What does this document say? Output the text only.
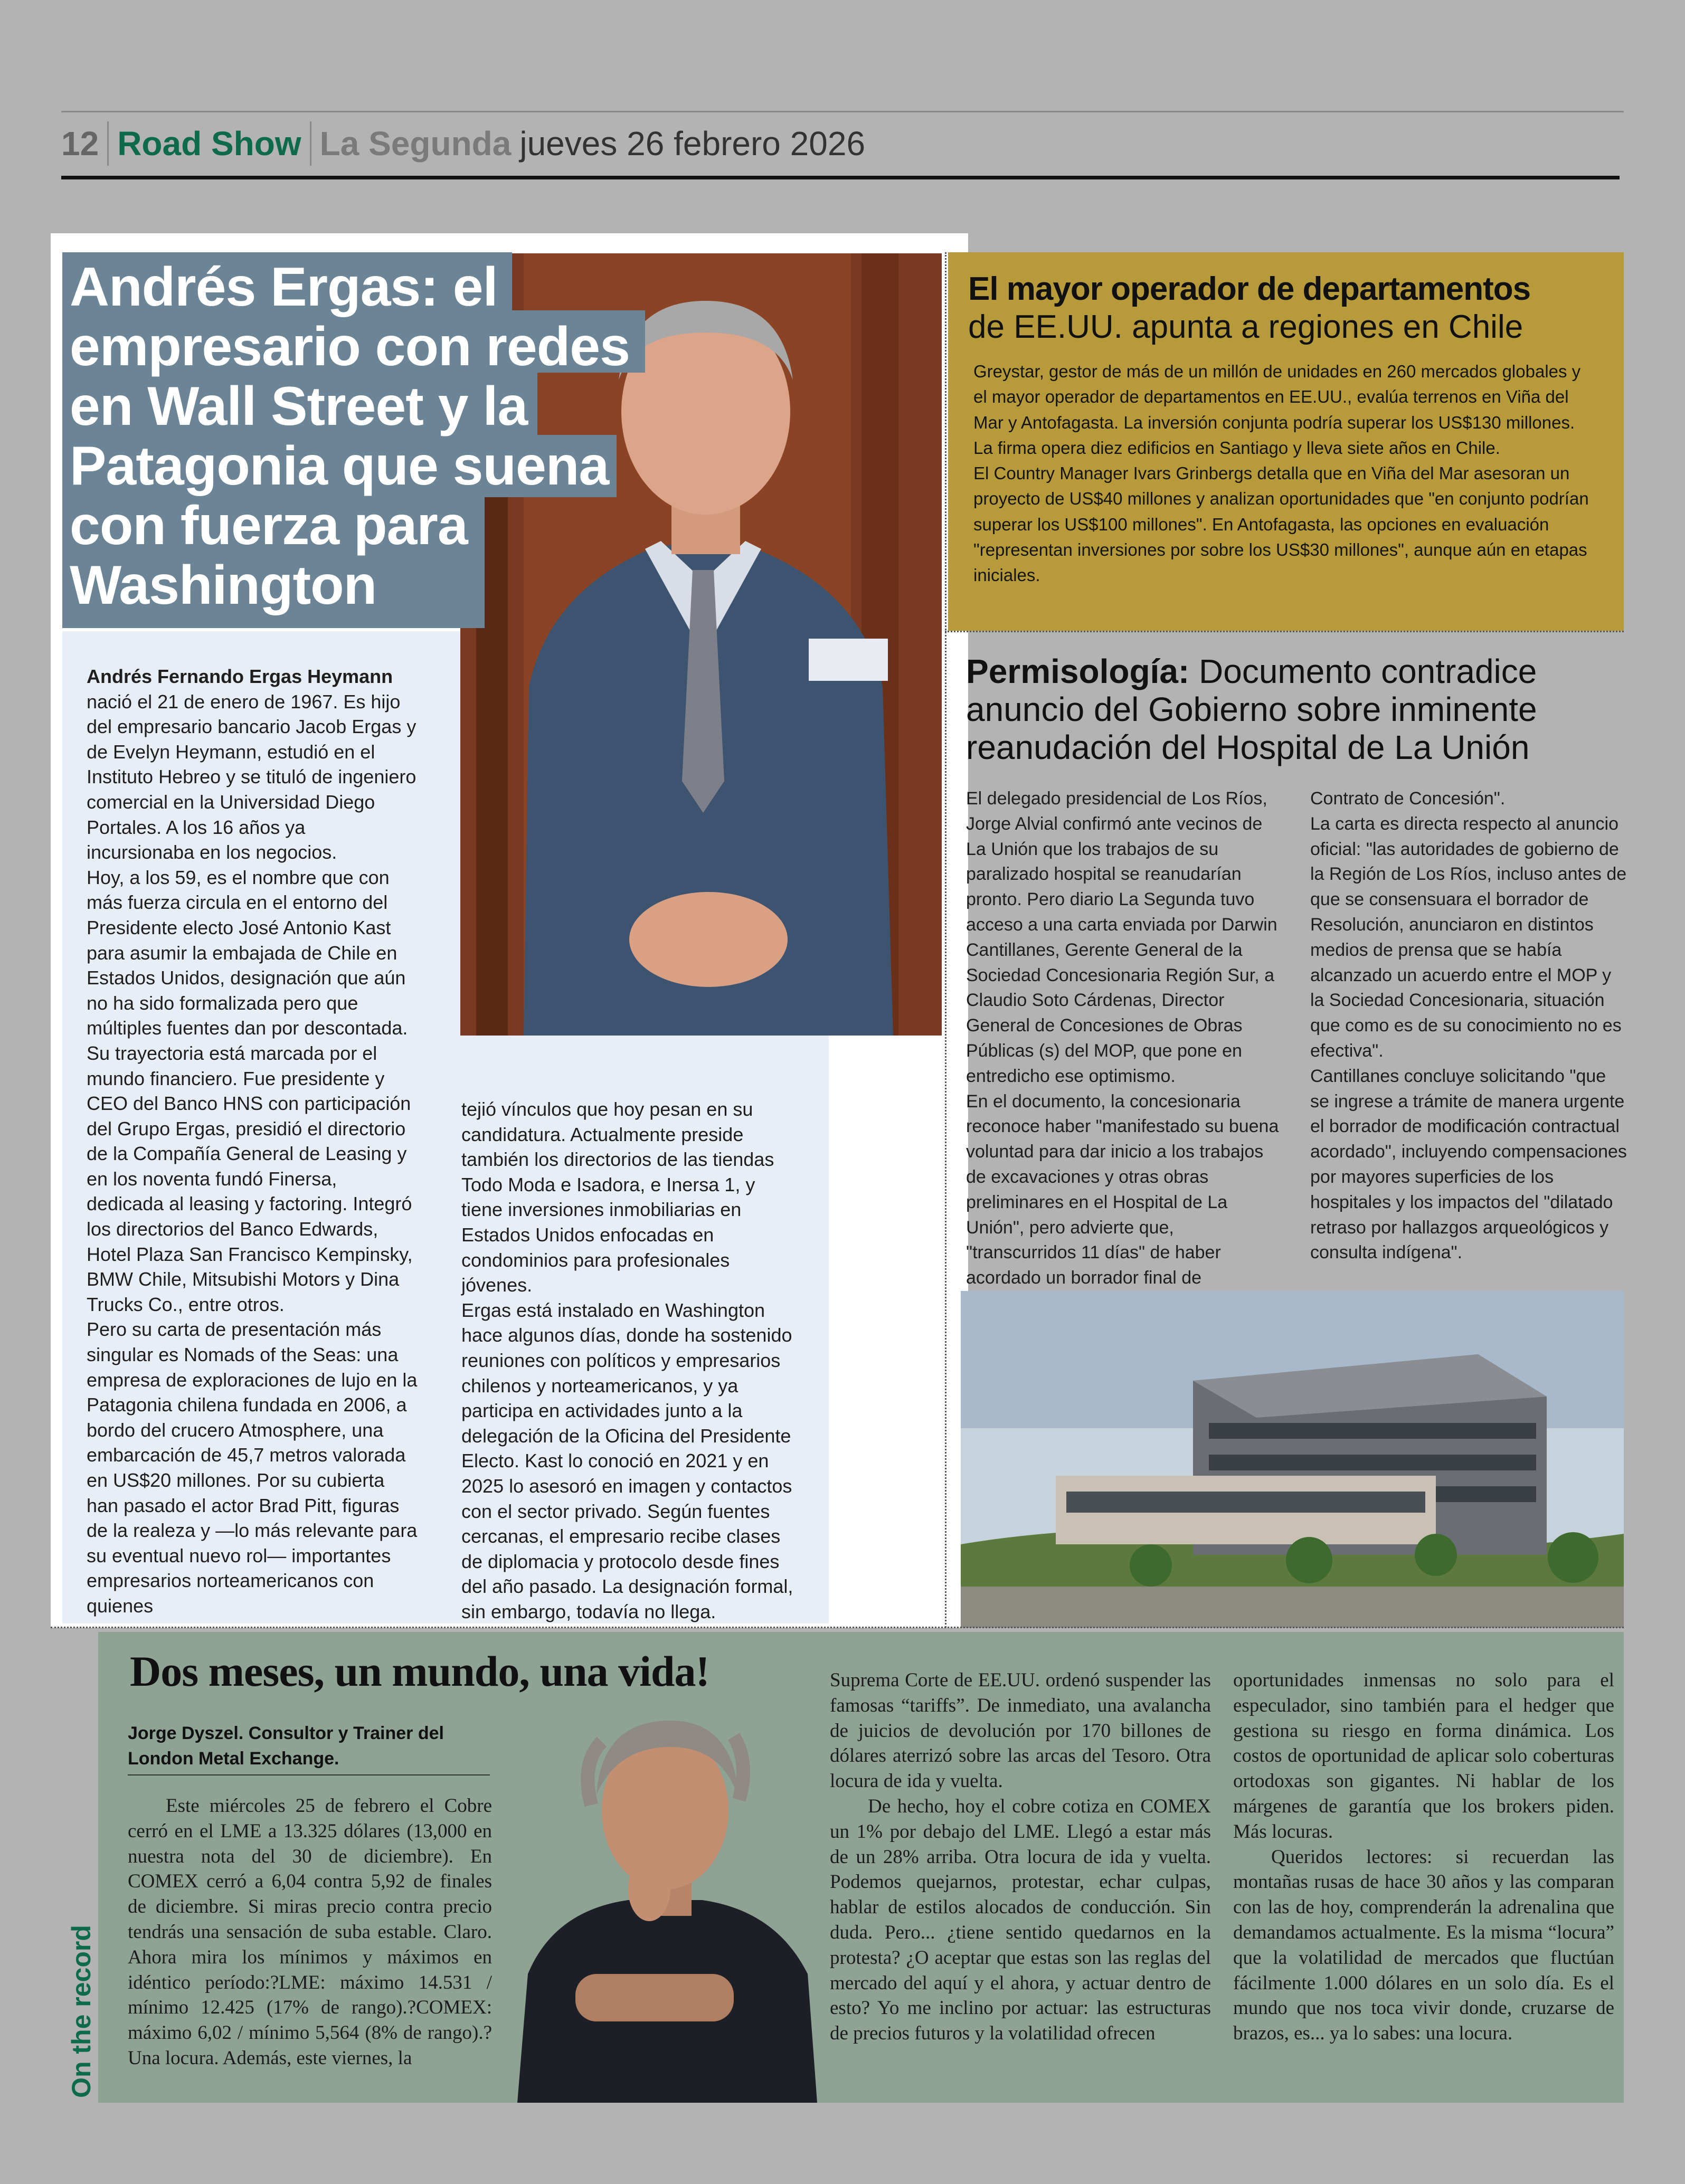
12 Road Show La Segunda jueves 26 febrero 2026
Andrés Ergas: el empresario con redes en Wall Street y la Patagonia que suena con fuerza para Washington

Andrés Fernando Ergas Heymann

nació el 21 de enero de 1967. Es hijo del empresario bancario Jacob Ergas y de Evelyn Heymann, estudió en el Instituto Hebreo y se tituló de ingeniero comercial en la Universidad Diego Portales. A los 16 años ya incursionaba en los negocios.

Hoy, a los 59, es el nombre que con más fuerza circula en el entorno del Presidente electo José Antonio Kast para asumir la embajada de Chile en Estados Unidos, designación que aún no ha sido formalizada pero que múltiples fuentes dan por descontada.

Su trayectoria está marcada por el mundo financiero. Fue presidente y CEO del Banco HNS con participación del Grupo Ergas, presidió el directorio de la Compañía General de Leasing y en los noventa fundó Finersa, dedicada al leasing y factoring. Integró los directorios del Banco Edwards, Hotel Plaza San Francisco Kempinsky, BMW Chile, Mitsubishi Motors y Dina Trucks Co., entre otros.

Pero su carta de presentación más singular es Nomads of the Seas: una empresa de exploraciones de lujo en la Patagonia chilena fundada en 2006, a bordo del crucero Atmosphere, una embarcación de 45,7 metros valorada en US$20 millones. Por su cubierta han pasado el actor Brad Pitt, figuras de la realeza y —lo más relevante para su eventual nuevo rol— importantes empresarios norteamericanos con quienes

tejió vínculos que hoy pesan en su candidatura. Actualmente preside también los directorios de las tiendas Todo Moda e Isadora, e Inersa 1, y tiene inversiones inmobiliarias en Estados Unidos enfocadas en condominios para profesionales jóvenes.

Ergas está instalado en Washington hace algunos días, donde ha sostenido reuniones con políticos y empresarios chilenos y norteamericanos, y ya participa en actividades junto a la delegación de la Oficina del Presidente Electo. Kast lo conoció en 2021 y en 2025 lo asesoró en imagen y contactos con el sector privado. Según fuentes cercanas, el empresario recibe clases de diplomacia y protocolo desde fines del año pasado. La designación formal, sin embargo, todavía no llega.

El mayor operador de departamentos
de EE.UU. apunta a regiones en Chile

Greystar, gestor de más de un millón de unidades en 260 mercados globales y el mayor operador de departamentos en EE.UU., evalúa terrenos en Viña del Mar y Antofagasta. La inversión conjunta podría superar los US$130 millones. La firma opera diez edificios en Santiago y lleva siete años en Chile.

El Country Manager Ivars Grinbergs detalla que en Viña del Mar asesoran un proyecto de US$40 millones y analizan oportunidades que "en conjunto podrían superar los US$100 millones". En Antofagasta, las opciones en evaluación "representan inversiones por sobre los US$30 millones", aunque aún en etapas iniciales.

Permisología: Documento contradice anuncio del Gobierno sobre inminente reanudación del Hospital de La Unión

El delegado presidencial de Los Ríos, Jorge Alvial confirmó ante vecinos de La Unión que los trabajos de su paralizado hospital se reanudarían pronto. Pero diario La Segunda tuvo acceso a una carta enviada por Darwin Cantillanes, Gerente General de la Sociedad Concesionaria Región Sur, a Claudio Soto Cárdenas, Director General de Concesiones de Obras Públicas (s) del MOP, que pone en entredicho ese optimismo.

En el documento, la concesionaria reconoce haber "manifestado su buena voluntad para dar inicio a los trabajos de excavaciones y otras obras preliminares en el Hospital de La Unión", pero advierte que, "transcurridos 11 días" de haber acordado un borrador final de

Contrato de Concesión".

La carta es directa respecto al anuncio oficial: "las autoridades de gobierno de la Región de Los Ríos, incluso antes de que se consensuara el borrador de Resolución, anunciaron en distintos medios de prensa que se había alcanzado un acuerdo entre el MOP y la Sociedad Concesionaria, situación que como es de su conocimiento no es efectiva".

Cantillanes concluye solicitando "que se ingrese a trámite de manera urgente el borrador de modificación contractual acordado", incluyendo compensaciones por mayores superficies de los hospitales y los impactos del "dilatado retraso por hallazgos arqueológicos y consulta indígena".

On the record
Dos meses, un mundo, una vida!
Jorge Dyszel. Consultor y Trainer del London Metal Exchange.

Este miércoles 25 de febrero el Cobre cerró en el LME a 13.325 dólares (13,000 en nuestra nota del 30 de diciembre). En COMEX cerró a 6,04 contra 5,92 de finales de diciembre. Si miras precio contra precio tendrás una sensación de suba estable. Claro. Ahora mira los mínimos y máximos en idéntico período:?LME: máximo 14.531 / mínimo 12.425 (17% de rango).?COMEX: máximo 6,02 / mínimo 5,564 (8% de rango).?Una locura. Además, este viernes, la

Suprema Corte de EE.UU. ordenó suspender las famosas “tariffs”. De inmediato, una avalancha de juicios de devolución por 170 billones de dólares aterrizó sobre las arcas del Tesoro. Otra locura de ida y vuelta.

De hecho, hoy el cobre cotiza en COMEX un 1% por debajo del LME. Llegó a estar más de un 28% arriba. Otra locura de ida y vuelta. Podemos quejarnos, protestar, echar culpas, hablar de estilos alocados de conducción. Sin duda. Pero... ¿tiene sentido quedarnos en la protesta? ¿O aceptar que estas son las reglas del mercado del aquí y el ahora, y actuar dentro de esto? Yo me inclino por actuar: las estructuras de precios futuros y la volatilidad ofrecen

oportunidades inmensas no solo para el especulador, sino también para el hedger que gestiona su riesgo en forma dinámica. Los costos de oportunidad de aplicar solo coberturas ortodoxas son gigantes. Ni hablar de los márgenes de garantía que los brokers piden. Más locuras.

Queridos lectores: si recuerdan las montañas rusas de hace 30 años y las comparan con las de hoy, comprenderán la adrenalina que demandamos actualmente. Es la misma “locura” que la volatilidad de mercados que fluctúan fácilmente 1.000 dólares en un solo día. Es el mundo que nos toca vivir donde, cruzarse de brazos, es... ya lo sabes: una locura.
